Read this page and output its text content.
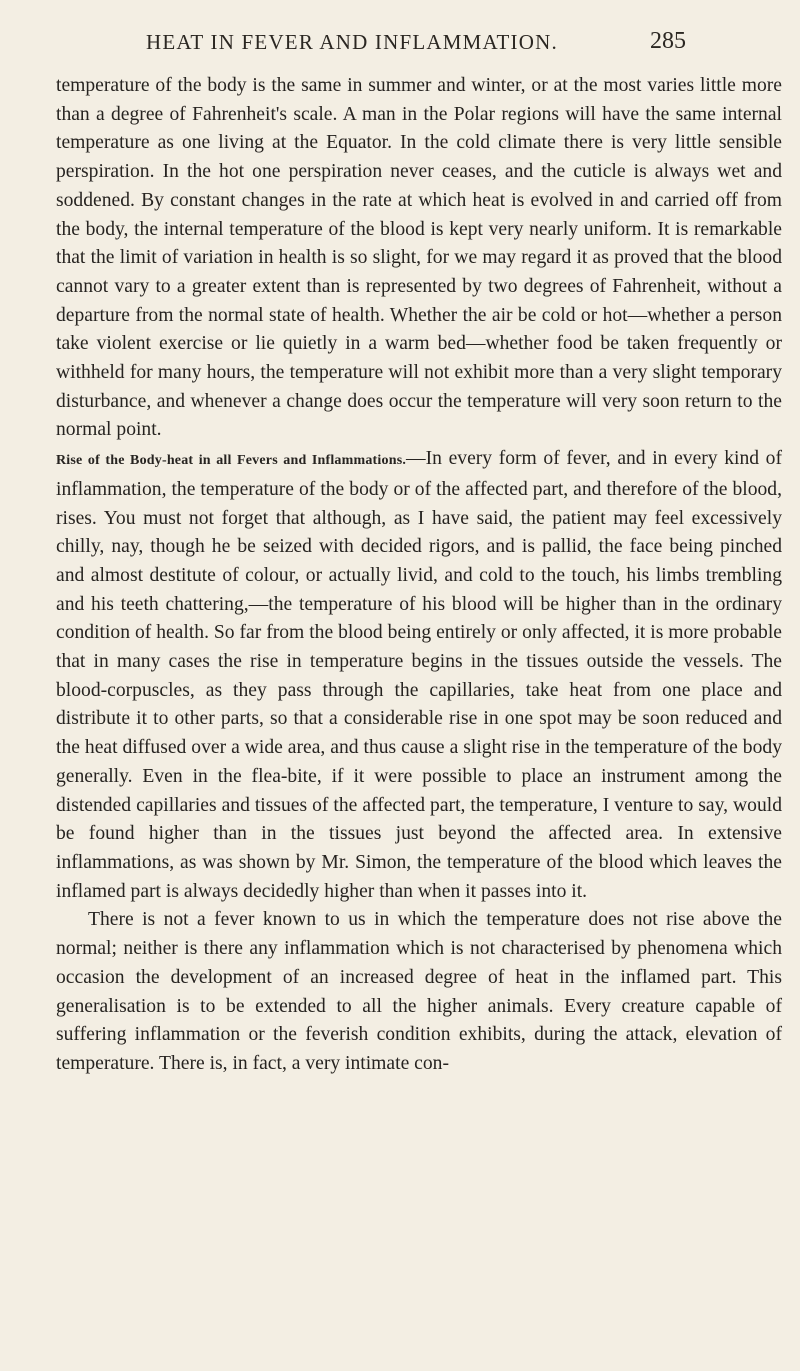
HEAT IN FEVER AND INFLAMMATION.	285

temperature of the body is the same in summer and winter, or at the most varies little more than a degree of Fahrenheit's scale. A man in the Polar regions will have the same internal temperature as one living at the Equator. In the cold climate there is very little sensible perspiration. In the hot one perspiration never ceases, and the cuticle is always wet and soddened. By constant changes in the rate at which heat is evolved in and carried off from the body, the internal temperature of the blood is kept very nearly uniform. It is remarkable that the limit of variation in health is so slight, for we may regard it as proved that the blood cannot vary to a greater extent than is represented by two degrees of Fahrenheit, without a departure from the normal state of health. Whether the air be cold or hot—whether a person take violent exercise or lie quietly in a warm bed—whether food be taken frequently or withheld for many hours, the temperature will not exhibit more than a very slight temporary disturbance, and whenever a change does occur the temperature will very soon return to the normal point.

Rise of the Body-heat in all Fevers and Inflammations.—In every form of fever, and in every kind of inflammation, the temperature of the body or of the affected part, and therefore of the blood, rises. You must not forget that although, as I have said, the patient may feel excessively chilly, nay, though he be seized with decided rigors, and is pallid, the face being pinched and almost destitute of colour, or actually livid, and cold to the touch, his limbs trembling and his teeth chattering,—the temperature of his blood will be higher than in the ordinary condition of health. So far from the blood being entirely or only affected, it is more probable that in many cases the rise in temperature begins in the tissues outside the vessels. The blood-corpuscles, as they pass through the capillaries, take heat from one place and distribute it to other parts, so that a considerable rise in one spot may be soon reduced and the heat diffused over a wide area, and thus cause a slight rise in the temperature of the body generally. Even in the flea-bite, if it were possible to place an instrument among the distended capillaries and tissues of the affected part, the temperature, I venture to say, would be found higher than in the tissues just beyond the affected area. In extensive inflammations, as was shown by Mr. Simon, the temperature of the blood which leaves the inflamed part is always decidedly higher than when it passes into it.

There is not a fever known to us in which the temperature does not rise above the normal; neither is there any inflammation which is not characterised by phenomena which occasion the development of an increased degree of heat in the inflamed part. This generalisation is to be extended to all the higher animals. Every creature capable of suffering inflammation or the feverish condition exhibits, during the attack, elevation of temperature. There is, in fact, a very intimate con-
